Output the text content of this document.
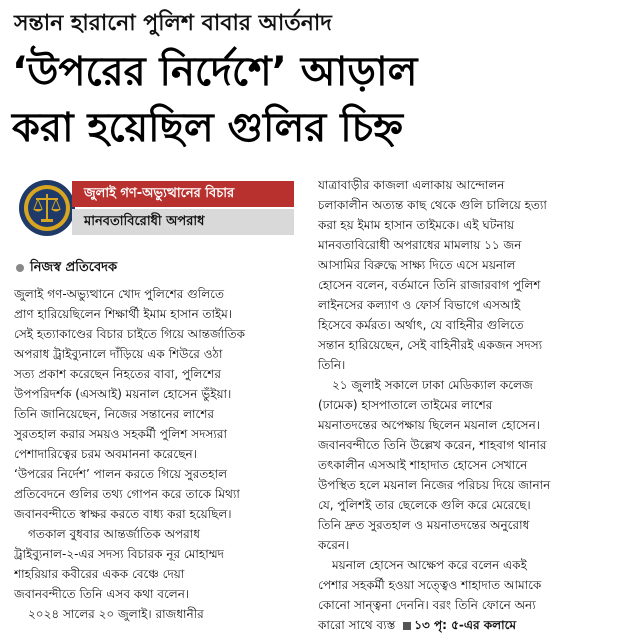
সন্তান হারানো পুলিশ বাবার আর্তনাদ
‘উপরের নির্দেশে’ আড়াল
করা হয়েছিল গুলির চিহ্ন
জুলাই গণ-অভ্যুত্থানের বিচার
মানবতাবিরোধী অপরাধ
নিজস্ব প্রতিবেদক

জুলাই গণ-অভ্যুত্থানে খোদ পুলিশের গুলিতে

প্রাণ হারিয়েছিলেন শিক্ষার্থী ইমাম হাসান তাইম।

সেই হত্যাকাণ্ডের বিচার চাইতে গিয়ে আন্তর্জাতিক

অপরাধ ট্রাইব্যুনালে দাঁড়িয়ে এক শিউরে ওঠা

সত্য প্রকাশ করেছেন নিহতের বাবা, পুলিশের

উপপরিদর্শক (এসআই) ময়নাল হোসেন ভুঁইয়া।

তিনি জানিয়েছেন, নিজের সন্তানের লাশের

সুরতহাল করার সময়ও সহকর্মী পুলিশ সদস্যরা

পেশাদারিত্বের চরম অবমাননা করেছেন।

‘উপরের নির্দেশ’ পালন করতে গিয়ে সুরতহাল

প্রতিবেদনে গুলির তথ্য গোপন করে তাকে মিথ্যা

জবানবন্দীতে স্বাক্ষর করতে বাধ্য করা হয়েছিল।

গতকাল বুধবার আন্তর্জাতিক অপরাধ

ট্রাইব্যুনাল-২-এর সদস্য বিচারক নূর মোহাম্মদ

শাহরিয়ার কবীরের একক বেঞ্চে দেয়া

জবানবন্দীতে তিনি এসব কথা বলেন।

২০২৪ সালের ২০ জুলাই। রাজধানীর

যাত্রাবাড়ীর কাজলা এলাকায় আন্দোলন

চলাকালীন অত্যন্ত কাছ থেকে গুলি চালিয়ে হত্যা

করা হয় ইমাম হাসান তাইমকে। এই ঘটনায়

মানবতাবিরোধী অপরাধের মামলায় ১১ জন

আসামির বিরুদ্ধে সাক্ষ্য দিতে এসে ময়নাল

হোসেন বলেন, বর্তমানে তিনি রাজারবাগ পুলিশ

লাইনসের কল্যাণ ও ফোর্স বিভাগে এসআই

হিসেবে কর্মরত। অর্থাৎ, যে বাহিনীর গুলিতে

সন্তান হারিয়েছেন, সেই বাহিনীরই একজন সদস্য

তিনি।

২১ জুলাই সকালে ঢাকা মেডিক্যাল কলেজ

(ঢামেক) হাসপাতালে তাইমের লাশের

ময়নাতদন্তের অপেক্ষায় ছিলেন ময়নাল হোসেন।

জবানবন্দীতে তিনি উল্লেখ করেন, শাহবাগ থানার

তৎকালীন এসআই শাহাদাত হোসেন সেখানে

উপস্থিত হলে ময়নাল নিজের পরিচয় দিয়ে জানান

যে, পুলিশই তার ছেলেকে গুলি করে মেরেছে।

তিনি দ্রুত সুরতহাল ও ময়নাতদন্তের অনুরোধ

করেন।

ময়নাল হোসেন আক্ষেপ করে বলেন একই

পেশার সহকর্মী হওয়া সত্ত্বেও শাহাদাত আমাকে

কোনো সান্ত্বনা দেননি। বরং তিনি ফোনে অন্য

কারো সাথে ব্যস্ত ১৩ পৃ: ৫-এর কলামে
